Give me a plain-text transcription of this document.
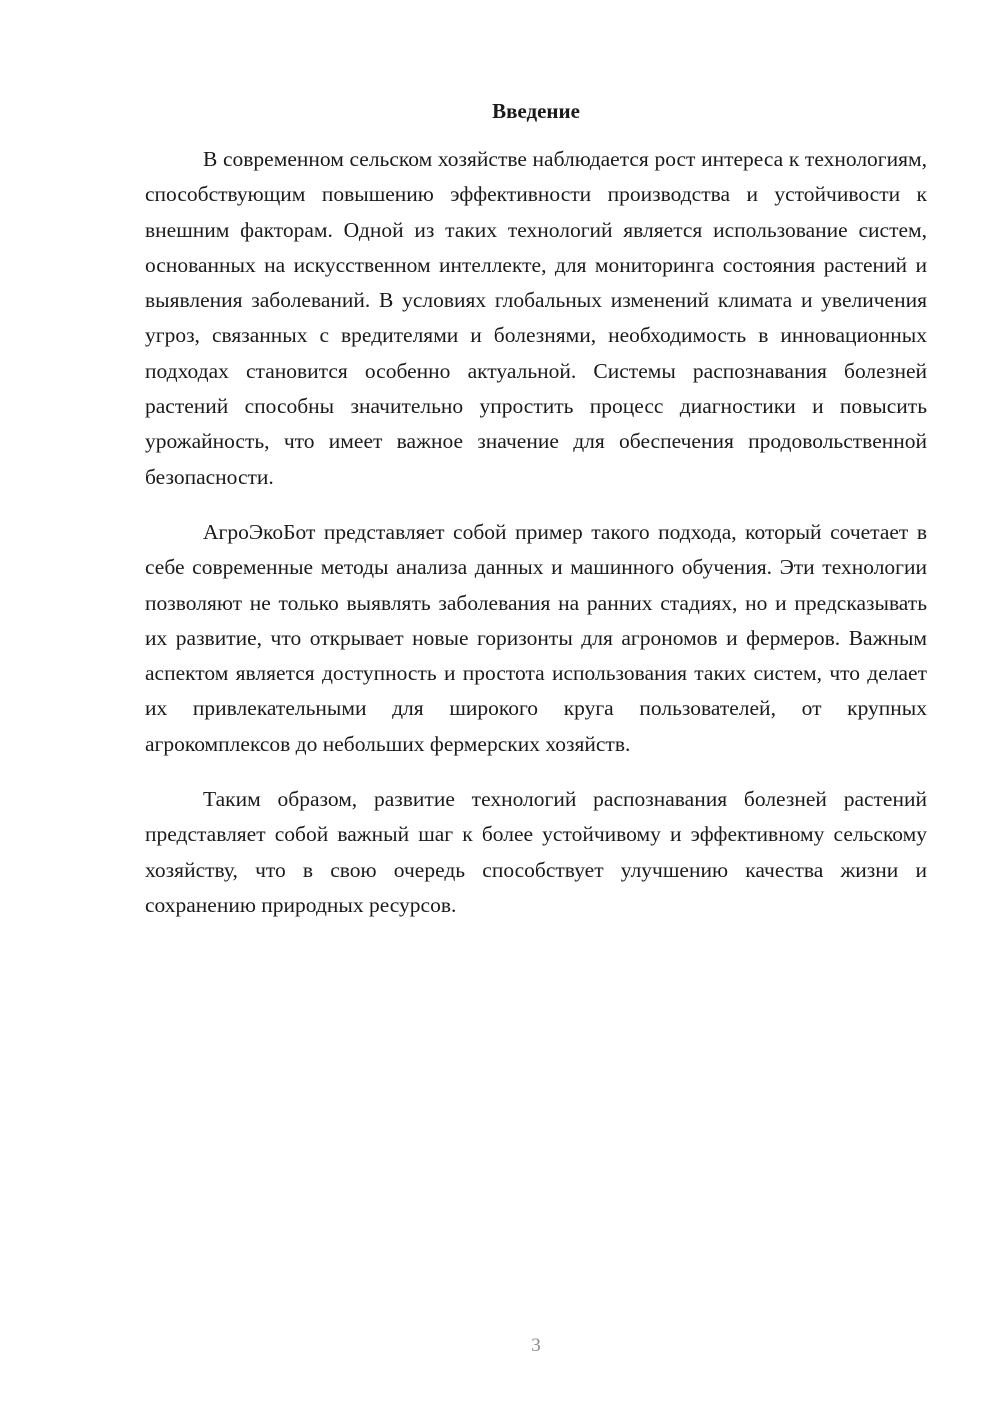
Введение

В современном сельском хозяйстве наблюдается рост интереса к технологиям, способствующим повышению эффективности производства и устойчивости к внешним факторам. Одной из таких технологий является использование систем, основанных на искусственном интеллекте, для мониторинга состояния растений и выявления заболеваний. В условиях глобальных изменений климата и увеличения угроз, связанных с вредителями и болезнями, необходимость в инновационных подходах становится особенно актуальной. Системы распознавания болезней растений способны значительно упростить процесс диагностики и повысить урожайность, что имеет важное значение для обеспечения продовольственной безопасности.

АгроЭкоБот представляет собой пример такого подхода, который сочетает в себе современные методы анализа данных и машинного обучения. Эти технологии позволяют не только выявлять заболевания на ранних стадиях, но и предсказывать их развитие, что открывает новые горизонты для агрономов и фермеров. Важным аспектом является доступность и простота использования таких систем, что делает их привлекательными для широкого круга пользователей, от крупных агрокомплексов до небольших фермерских хозяйств.

Таким образом, развитие технологий распознавания болезней растений представляет собой важный шаг к более устойчивому и эффективному сельскому хозяйству, что в свою очередь способствует улучшению качества жизни и сохранению природных ресурсов.

3
